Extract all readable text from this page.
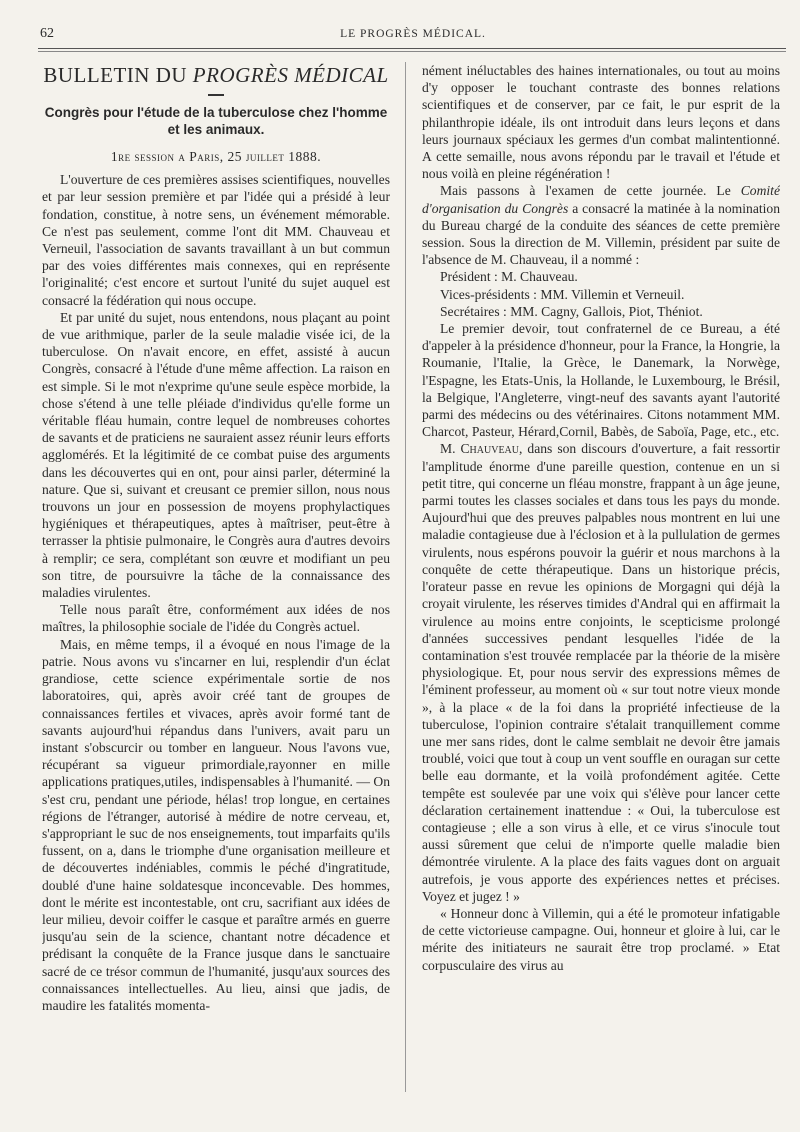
62	LE PROGRÈS MÉDICAL.
BULLETIN DU PROGRÈS MÉDICAL
Congrès pour l'étude de la tuberculose chez l'homme et les animaux.
1re session a Paris, 25 juillet 1888.

L'ouverture de ces premières assises scientifiques, nouvelles et par leur session première et par l'idée qui a présidé à leur fondation, constitue, à notre sens, un événement mémorable. Ce n'est pas seulement, comme l'ont dit MM. Chauveau et Verneuil, l'association de savants travaillant à un but commun par des voies différentes mais connexes, qui en représente l'originalité; c'est encore et surtout l'unité du sujet auquel est consacré la fédération qui nous occupe.

Et par unité du sujet, nous entendons, nous plaçant au point de vue arithmique, parler de la seule maladie visée ici, de la tuberculose. On n'avait encore, en effet, assisté à aucun Congrès, consacré à l'étude d'une même affection. La raison en est simple. Si le mot n'exprime qu'une seule espèce morbide, la chose s'étend à une telle pléiade d'individus qu'elle forme un véritable fléau humain, contre lequel de nombreuses cohortes de savants et de praticiens ne sauraient assez réunir leurs efforts agglomérés. Et la légitimité de ce combat puise des arguments dans les découvertes qui en ont, pour ainsi parler, déterminé la nature. Que si, suivant et creusant ce premier sillon, nous nous trouvons un jour en possession de moyens prophylactiques hygiéniques et thérapeutiques, aptes à maîtriser, peut-être à terrasser la phtisie pulmonaire, le Congrès aura d'autres devoirs à remplir; ce sera, complétant son œuvre et modifiant un peu son titre, de poursuivre la tâche de la connaissance des maladies virulentes.

Telle nous paraît être, conformément aux idées de nos maîtres, la philosophie sociale de l'idée du Congrès actuel.

Mais, en même temps, il a évoqué en nous l'image de la patrie. Nous avons vu s'incarner en lui, resplendir d'un éclat grandiose, cette science expérimentale sortie de nos laboratoires, qui, après avoir créé tant de groupes de connaissances fertiles et vivaces, après avoir formé tant de savants aujourd'hui répandus dans l'univers, avait paru un instant s'obscurcir ou tomber en langueur. Nous l'avons vue, récupérant sa vigueur primordiale,rayonner en mille applications pratiques,utiles, indispensables à l'humanité. — On s'est cru, pendant une période, hélas! trop longue, en certaines régions de l'étranger, autorisé à médire de notre cerveau, et, s'appropriant le suc de nos enseignements, tout imparfaits qu'ils fussent, on a, dans le triomphe d'une organisation meilleure et de découvertes indéniables, commis le péché d'ingratitude, doublé d'une haine soldatesque inconcevable. Des hommes, dont le mérite est incontestable, ont cru, sacrifiant aux idées de leur milieu, devoir coiffer le casque et paraître armés en guerre jusqu'au sein de la science, chantant notre décadence et prédisant la conquête de la France jusque dans le sanctuaire sacré de ce trésor commun de l'humanité, jusqu'aux sources des connaissances intellectuelles. Au lieu, ainsi que jadis, de maudire les fatalités momenta-

nément inéluctables des haines internationales, ou tout au moins d'y opposer le touchant contraste des bonnes relations scientifiques et de conserver, par ce fait, le pur esprit de la philanthropie idéale, ils ont introduit dans leurs leçons et dans leurs journaux spéciaux les germes d'un combat malintentionné. A cette semaille, nous avons répondu par le travail et l'étude et nous voilà en pleine régénération !

Mais passons à l'examen de cette journée. Le Comité d'organisation du Congrès a consacré la matinée à la nomination du Bureau chargé de la conduite des séances de cette première session. Sous la direction de M. Villemin, président par suite de l'absence de M. Chauveau, il a nommé :

Président : M. Chauveau.

Vices-présidents : MM. Villemin et Verneuil.

Secrétaires : MM. Cagny, Gallois, Piot, Théniot.

Le premier devoir, tout confraternel de ce Bureau, a été d'appeler à la présidence d'honneur, pour la France, la Hongrie, la Roumanie, l'Italie, la Grèce, le Danemark, la Norwège, l'Espagne, les Etats-Unis, la Hollande, le Luxembourg, le Brésil, la Belgique, l'Angleterre, vingt-neuf des savants ayant l'autorité parmi des médecins ou des vétérinaires. Citons notamment MM. Charcot, Pasteur, Hérard,Cornil, Babès, de Saboïa, Page, etc., etc.

M. Chauveau, dans son discours d'ouverture, a fait ressortir l'amplitude énorme d'une pareille question, contenue en un si petit titre, qui concerne un fléau monstre, frappant à un âge jeune, parmi toutes les classes sociales et dans tous les pays du monde. Aujourd'hui que des preuves palpables nous montrent en lui une maladie contagieuse due à l'éclosion et à la pullulation de germes virulents, nous espérons pouvoir la guérir et nous marchons à la conquête de cette thérapeutique. Dans un historique précis, l'orateur passe en revue les opinions de Morgagni qui déjà la croyait virulente, les réserves timides d'Andral qui en affirmait la virulence au moins entre conjoints, le scepticisme prolongé d'années successives pendant lesquelles l'idée de la contamination s'est trouvée remplacée par la théorie de la misère physiologique. Et, pour nous servir des expressions mêmes de l'éminent professeur, au moment où « sur tout notre vieux monde », à la place « de la foi dans la propriété infectieuse de la tuberculose, l'opinion contraire s'étalait tranquillement comme une mer sans rides, dont le calme semblait ne devoir être jamais troublé, voici que tout à coup un vent souffle en ouragan sur cette belle eau dormante, et la voilà profondément agitée. Cette tempête est soulevée par une voix qui s'élève pour lancer cette déclaration certainement inattendue : « Oui, la tuberculose est contagieuse ; elle a son virus à elle, et ce virus s'inocule tout aussi sûrement que celui de n'importe quelle maladie bien démontrée virulente. A la place des faits vagues dont on arguait autrefois, je vous apporte des expériences nettes et précises. Voyez et jugez ! »

« Honneur donc à Villemin, qui a été le promoteur infatigable de cette victorieuse campagne. Oui, honneur et gloire à lui, car le mérite des initiateurs ne saurait être trop proclamé. » Etat corpusculaire des virus au
